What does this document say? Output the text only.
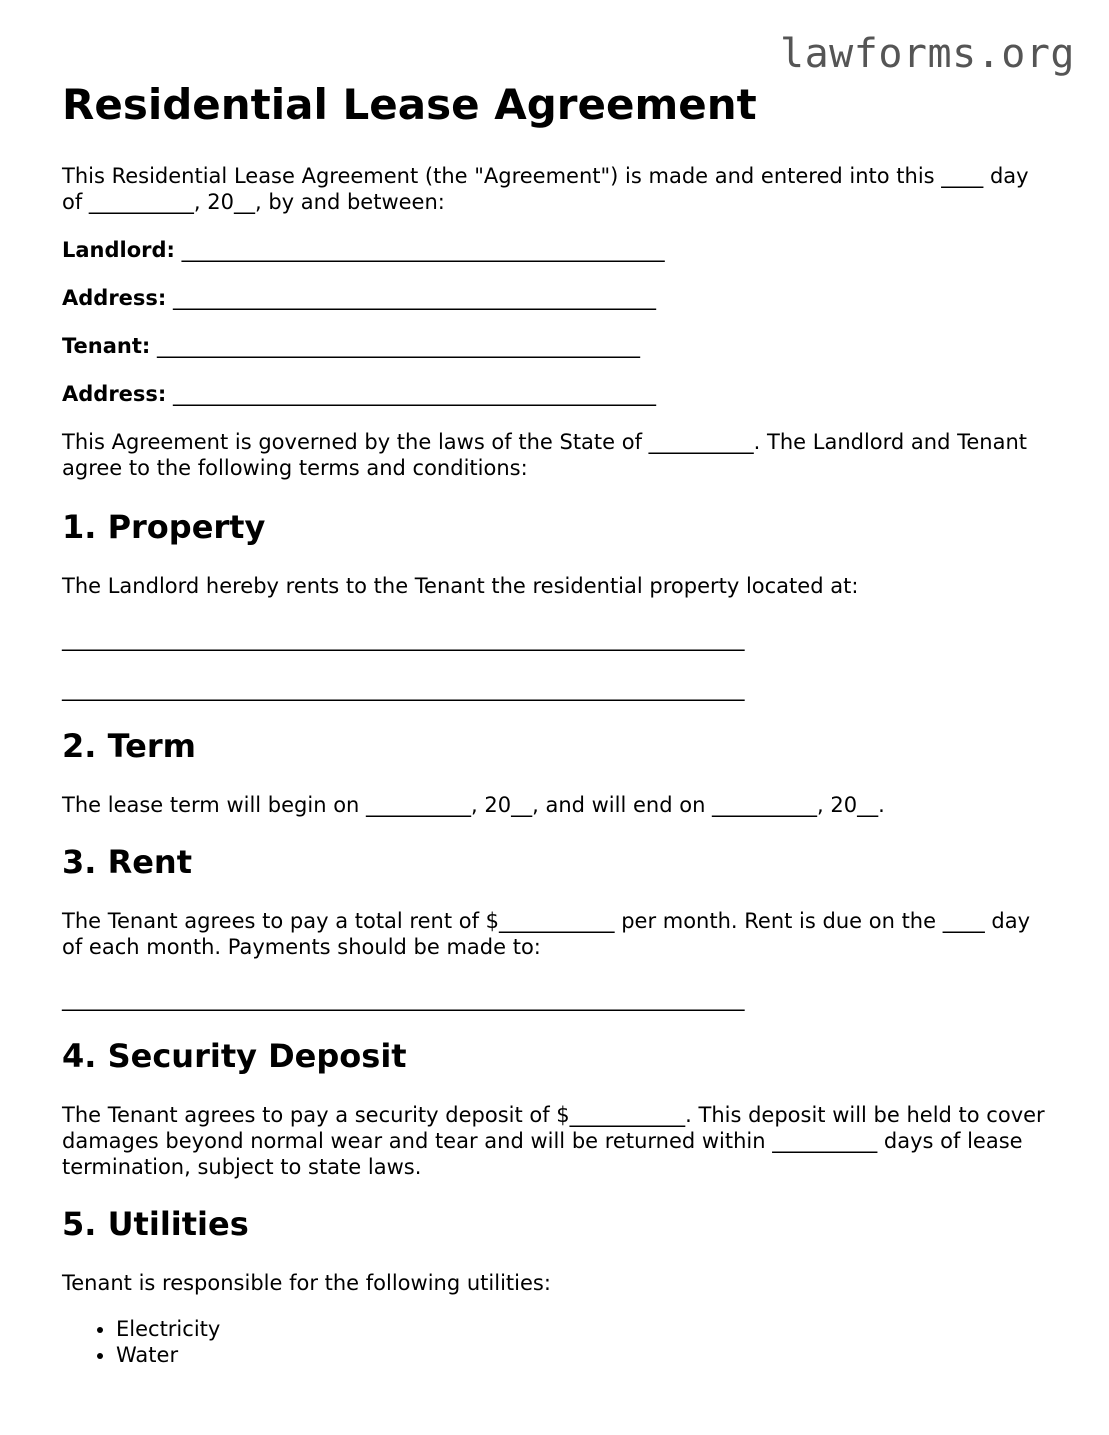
lawforms.org
Residential Lease Agreement

This Residential Lease Agreement (the "Agreement") is made and entered into this ____ day of __________, 20__, by and between:

Landlord: ______________________________________________
Address: ______________________________________________
Tenant: ______________________________________________
Address: ______________________________________________

This Agreement is governed by the laws of the State of __________. The Landlord and Tenant agree to the following terms and conditions:

1. Property

The Landlord hereby rents to the Tenant the residential property located at:

_________________________________________________________________
_________________________________________________________________
2. Term

The lease term will begin on __________, 20__, and will end on __________, 20__.

3. Rent

The Tenant agrees to pay a total rent of $___________ per month. Rent is due on the ____ day of each month. Payments should be made to:

_________________________________________________________________
4. Security Deposit

The Tenant agrees to pay a security deposit of $___________. This deposit will be held to cover damages beyond normal wear and tear and will be returned within __________ days of lease termination, subject to state laws.

5. Utilities

Tenant is responsible for the following utilities:

• Electricity
• Water
